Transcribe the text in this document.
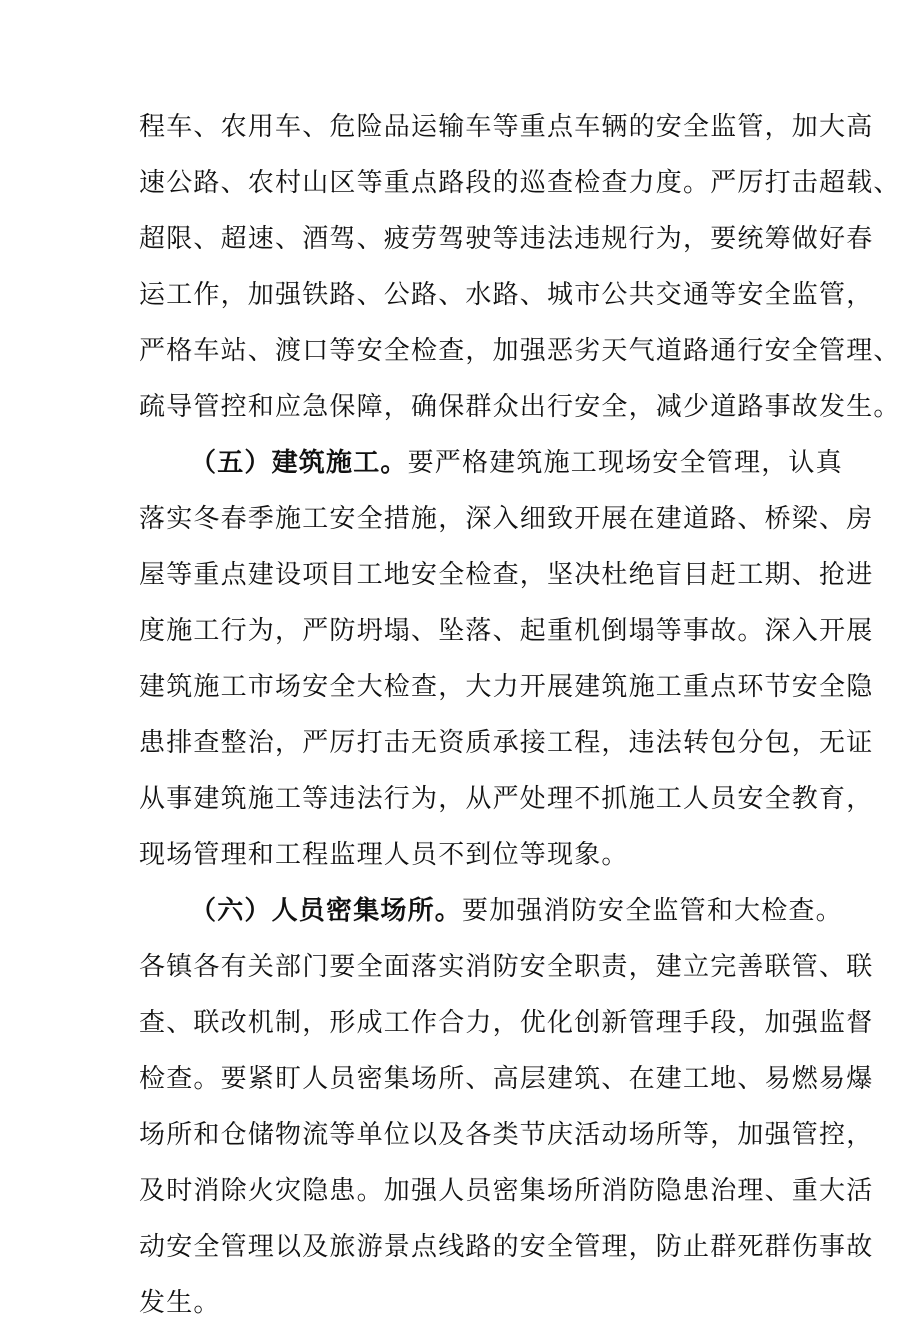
程车、农用车、危险品运输车等重点车辆的安全监管，加大高
速公路、农村山区等重点路段的巡查检查力度。严厉打击超载、
超限、超速、酒驾、疲劳驾驶等违法违规行为，要统筹做好春
运工作，加强铁路、公路、水路、城市公共交通等安全监管，
严格车站、渡口等安全检查，加强恶劣天气道路通行安全管理、
疏导管控和应急保障，确保群众出行安全，减少道路事故发生。
（五）建筑施工。要严格建筑施工现场安全管理，认真
落实冬春季施工安全措施，深入细致开展在建道路、桥梁、房
屋等重点建设项目工地安全检查，坚决杜绝盲目赶工期、抢进
度施工行为，严防坍塌、坠落、起重机倒塌等事故。深入开展
建筑施工市场安全大检查，大力开展建筑施工重点环节安全隐
患排查整治，严厉打击无资质承接工程，违法转包分包，无证
从事建筑施工等违法行为，从严处理不抓施工人员安全教育，
现场管理和工程监理人员不到位等现象。
（六）人员密集场所。要加强消防安全监管和大检查。
各镇各有关部门要全面落实消防安全职责，建立完善联管、联
查、联改机制，形成工作合力，优化创新管理手段，加强监督
检查。要紧盯人员密集场所、高层建筑、在建工地、易燃易爆
场所和仓储物流等单位以及各类节庆活动场所等，加强管控，
及时消除火灾隐患。加强人员密集场所消防隐患治理、重大活
动安全管理以及旅游景点线路的安全管理，防止群死群伤事故
发生。
